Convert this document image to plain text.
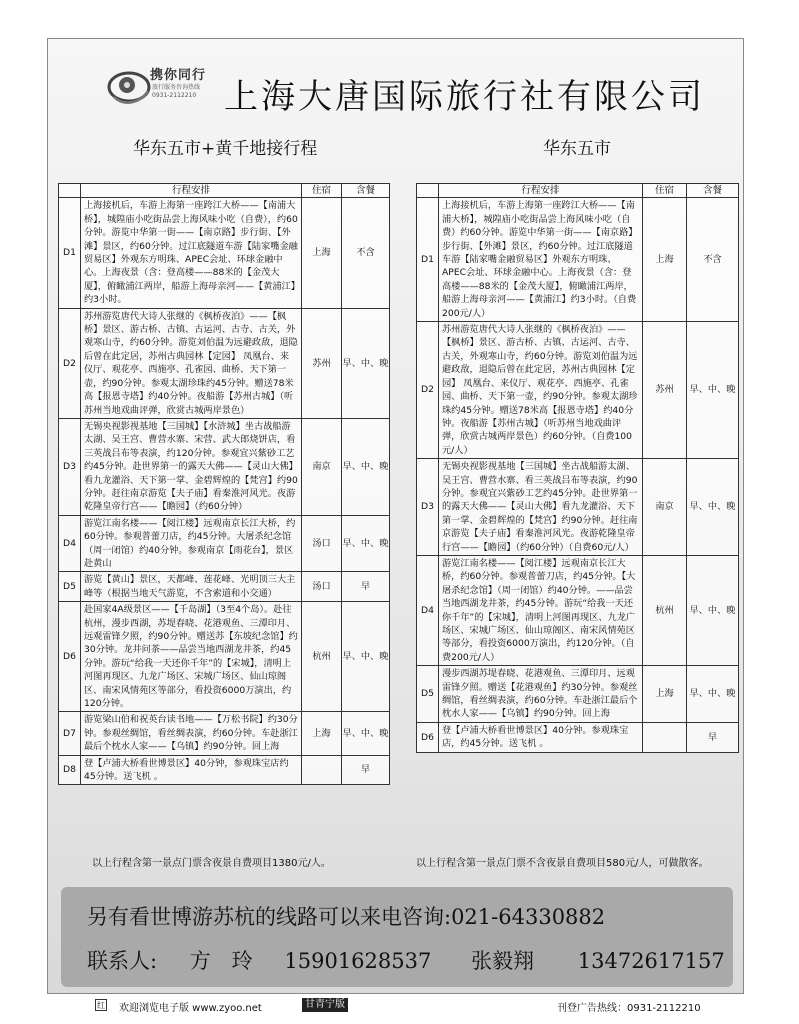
携你同行
旅行服务咨询热线
0931-2112210 上海大唐国际旅行社有限公司
华东五市+黄千地接行程	华东五市
	行程安排	住宿	含餐
D1	上海接机后，车游上海第一座跨江大桥——【南浦大桥】，城隍庙小吃街品尝上海风味小吃（自费），约60分钟。游览中华第一街——【南京路】步行街、【外滩】景区，约60分钟。过江底隧道车游【陆家嘴金融贸易区】外观东方明珠、APEC会址、环球金融中心。上海夜景（含：登高楼——88米的【金茂大厦】，俯瞰浦江两岸，船游上海母亲河——【黄浦江】约3小时。	上海	不含
D2	苏州游览唐代大诗人张继的《枫桥夜泊》——【枫桥】景区、游古桥、古镇、古运河、古寺、古关，外观寒山寺，约60分钟。游览刘伯温为远避政敌，退隐后曾在此定居，苏州古典园林【定园】 凤凰台、来仪厅、观花亭、西施亭、孔雀园、曲桥、天下第一壶，约90分钟。参观太湖珍珠约45分钟。赠送78米高【报恩寺塔】约40分钟。夜船游【苏州古城】（听苏州当地戏曲评弹，欣赏古城两岸景色）	苏州	早、中、晚
D3	无锡央视影视基地【三国城】【水浒城】坐古战船游太湖、吴王宫、曹营水寨、宋营、武大郎烧饼店，看三英战吕布等表演，约120分钟。参观宜兴紫砂工艺约45分钟。赴世界第一的露天大佛——【灵山大佛】看九龙灌浴、天下第一掌、金碧辉煌的【梵宫】约90分钟。赶往南京游览【夫子庙】看秦淮河风光。夜游乾隆皇帝行宫——【瞻园】（约60分钟）	南京	早、中、晚
D4	游览江南名楼——【阅江楼】远观南京长江大桥，约60分钟。参观普蕾刀店，约45分钟。大屠杀纪念馆（周一闭馆）约40分钟。参观南京【雨花台】，景区赴黄山	汤口	早、中、晚
D5	游览【黄山】景区，天都峰、莲花峰、光明顶三大主峰等（根据当地天气游览，不含索道和小交通）	汤口	早
D6	赴国家4A级景区——【千岛湖】（3至4个岛）。赴往杭州，漫步西湖，苏堤春晓、花港观鱼、三潭印月、远观雷锋夕照，约90分钟。赠送苏【东坡纪念馆】约30分钟。龙井问茶——品尝当地西湖龙井茶，约45分钟。游玩“给我一天还你千年”的【宋城】，清明上河图再现区、九龙广场区、宋城广场区、仙山琼阁区、南宋风情苑区等部分，看投资6000万演出，约120分钟。	杭州	早、中、晚
D7	游览梁山伯和祝英台读书地——【万松书院】约30分钟。参观丝绸馆，看丝绸表演，约60分钟。车赴浙江最后个枕水人家——【乌镇】约90分钟。回上海	上海	早、中、晚
D8	登【卢浦大桥看世博景区】40分钟，参观珠宝店约45分钟。送飞机 。		早
	行程安排	住宿	含餐
D1	上海接机后，车游上海第一座跨江大桥——【南浦大桥】，城隍庙小吃街品尝上海风味小吃（自费）约60分钟。游览中华第一街——【南京路】步行街、【外滩】景区，约60分钟。过江底隧道车游【陆家嘴金融贸易区】外观东方明珠、APEC会址、环球金融中心。上海夜景（含：登高楼——88米的【金茂大厦】，俯瞰浦江两岸，船游上海母亲河——【黄浦江】约3小时。（自费200元/人）	上海	不含
D2	苏州游览唐代大诗人张继的《枫桥夜泊》——【枫桥】景区、游古桥、古镇、古运河、古寺、古关，外观寒山寺，约60分钟。游览刘伯温为远避政敌，退隐后曾在此定居，苏州古典园林【定园】 凤凰台、来仪厅、观花亭、西施亭、孔雀园、曲桥、天下第一壶，约90分钟。参观太湖珍珠约45分钟。赠送78米高【报恩寺塔】约40分钟。夜船游【苏州古城】（听苏州当地戏曲评弹，欣赏古城两岸景色）约60分钟。（自费100元/人）	苏州	早、中、晚
D3	无锡央视影视基地【三国城】坐古战船游太湖、吴王宫、曹营水寨、看三英战吕布等表演，约90分钟。参观宜兴紫砂工艺约45分钟。赴世界第一的露天大佛——【灵山大佛】看九龙灌浴、天下第一掌、金碧辉煌的【梵宫】约90分钟。赶往南京游览【夫子庙】看秦淮河风光。夜游乾隆皇帝行宫——【瞻园】（约60分钟）（自费60元/人）	南京	早、中、晚
D4	游览江南名楼——【阅江楼】远观南京长江大桥，约60分钟。参观普蕾刀店，约45分钟。【大屠杀纪念馆】（周一闭馆）约40分钟。——品尝当地西湖龙井茶，约45分钟。游玩“给我一天还你千年”的【宋城】，清明上河图再现区、九龙广场区、宋城广场区、仙山琼阁区、南宋风情苑区等部分，看投资6000万演出，约120分钟。（自费200元/人）	杭州	早、中、晚
D5	漫步西湖苏堤春晓、花港观鱼、三潭印月、远观雷锋夕照。赠送【花港观鱼】约30分钟。参观丝绸馆，看丝绸表演，约60分钟。车赴浙江最后个枕水人家——【乌镇】约90分钟。回上海	上海	早、中、晚
D6	登【卢浦大桥看世博景区】40分钟。参观珠宝店，约45分钟。送飞机 。		早
以上行程含第一景点门票含夜景自费项目1380元/人。	以上行程含第一景点门票不含夜景自费项目580元/人，可做散客。
另有看世博游苏杭的线路可以来电咨询:021-64330882
联系人: 方　玲 15901628537 张毅翔 13472617157
红 欢迎浏览电子版 www.zyoo.net	甘青宁版	刊登广告热线：0931-2112210
